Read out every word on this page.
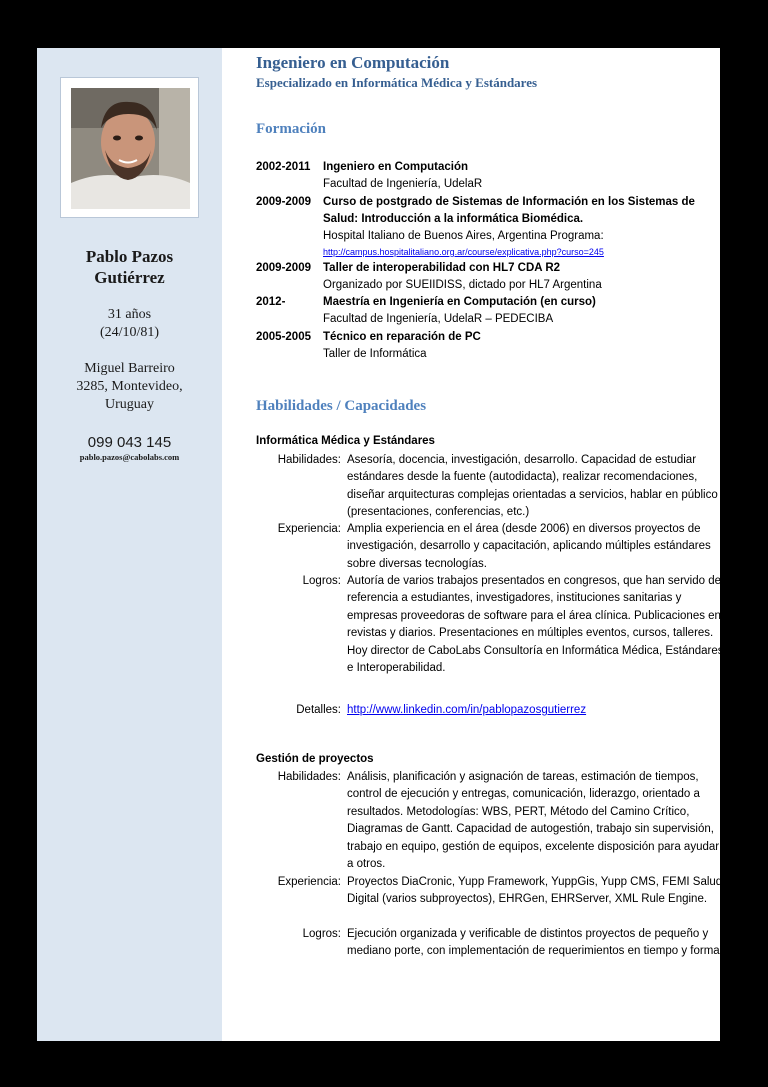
Pablo Pazos
Gutiérrez
31 años
(24/10/81)
Miguel Barreiro
3285, Montevideo,
Uruguay
099 043 145
pablo.pazos@cabolabs.com
Ingeniero en Computación
Especializado en Informática Médica y Estándares
Formación
2002-2011 Ingeniero en Computación
Facultad de Ingeniería, UdelaR
2009-2009 Curso de postgrado de Sistemas de Información en los Sistemas de Salud: Introducción a la informática Biomédica.
Hospital Italiano de Buenos Aires, Argentina Programa:
http://campus.hospitalitaliano.org.ar/course/explicativa.php?curso=245
2009-2009 Taller de interoperabilidad con HL7 CDA R2
Organizado por SUEIIDISS, dictado por HL7 Argentina
2012-	Maestría en Ingeniería en Computación (en curso)
Facultad de Ingeniería, UdelaR – PEDECIBA
2005-2005 Técnico en reparación de PC
Taller de Informática
Habilidades / Capacidades
Informática Médica y Estándares
Habilidades: Asesoría, docencia, investigación, desarrollo. Capacidad de estudiar estándares desde la fuente (autodidacta), realizar recomendaciones, diseñar arquitecturas complejas orientadas a servicios, hablar en público (presentaciones, conferencias, etc.)
Experiencia: Amplia experiencia en el área (desde 2006) en diversos proyectos de investigación, desarrollo y capacitación, aplicando múltiples estándares sobre diversas tecnologías.
Logros: Autoría de varios trabajos presentados en congresos, que han servido de referencia a estudiantes, investigadores, instituciones sanitarias y empresas proveedoras de software para el área clínica. Publicaciones en revistas y diarios. Presentaciones en múltiples eventos, cursos, talleres. Hoy director de CaboLabs Consultoría en Informática Médica, Estándares e Interoperabilidad.
Detalles: http://www.linkedin.com/in/pablopazosgutierrez
Gestión de proyectos
Habilidades: Análisis, planificación y asignación de tareas, estimación de tiempos, control de ejecución y entregas, comunicación, liderazgo, orientado a resultados. Metodologías: WBS, PERT, Método del Camino Crítico, Diagramas de Gantt. Capacidad de autogestión, trabajo sin supervisión, trabajo en equipo, gestión de equipos, excelente disposición para ayudar a otros.
Experiencia: Proyectos DiaCronic, Yupp Framework, YuppGis, Yupp CMS, FEMI Salud Digital (varios subproyectos), EHRGen, EHRServer, XML Rule Engine.
Logros: Ejecución organizada y verificable de distintos proyectos de pequeño y mediano porte, con implementación de requerimientos en tiempo y forma.
